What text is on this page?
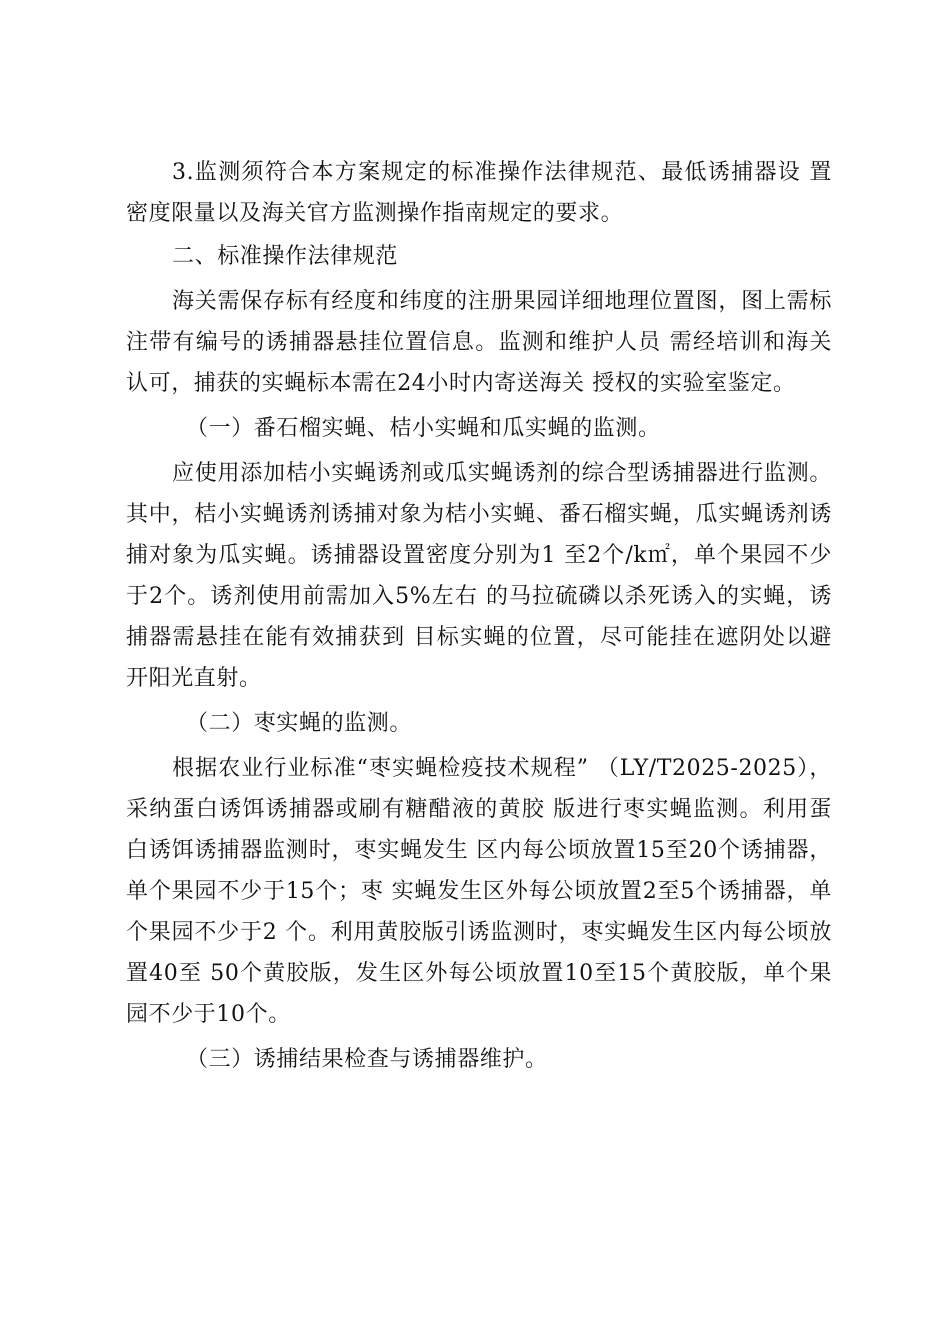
3.监测须符合本方案规定的标准操作法律规范、最低诱捕器设 置密度限量以及海关官方监测操作指南规定的要求。

二、标准操作法律规范

海关需保存标有经度和纬度的注册果园详细地理位置图，图上需标注带有编号的诱捕器悬挂位置信息。监测和维护人员 需经培训和海关认可，捕获的实蝇标本需在24小时内寄送海关 授权的实验室鉴定。

（一）番石榴实蝇、桔小实蝇和瓜实蝇的监测。

应使用添加桔小实蝇诱剂或瓜实蝇诱剂的综合型诱捕器进行监测。其中，桔小实蝇诱剂诱捕对象为桔小实蝇、番石榴实蝇，瓜实蝇诱剂诱捕对象为瓜实蝇。诱捕器设置密度分别为1 至2个/k㎡，单个果园不少于2个。诱剂使用前需加入5%左右 的马拉硫磷以杀死诱入的实蝇，诱捕器需悬挂在能有效捕获到 目标实蝇的位置，尽可能挂在遮阴处以避开阳光直射。

（二）枣实蝇的监测。

根据农业行业标准“枣实蝇检疫技术规程” （LY/T2025-2025），采纳蛋白诱饵诱捕器或刷有糖醋液的黄胶 版进行枣实蝇监测。利用蛋白诱饵诱捕器监测时，枣实蝇发生 区内每公顷放置15至20个诱捕器，单个果园不少于15个；枣 实蝇发生区外每公顷放置2至5个诱捕器，单个果园不少于2 个。利用黄胶版引诱监测时，枣实蝇发生区内每公顷放置40至 50个黄胶版，发生区外每公顷放置10至15个黄胶版，单个果 园不少于10个。

（三）诱捕结果检查与诱捕器维护。
